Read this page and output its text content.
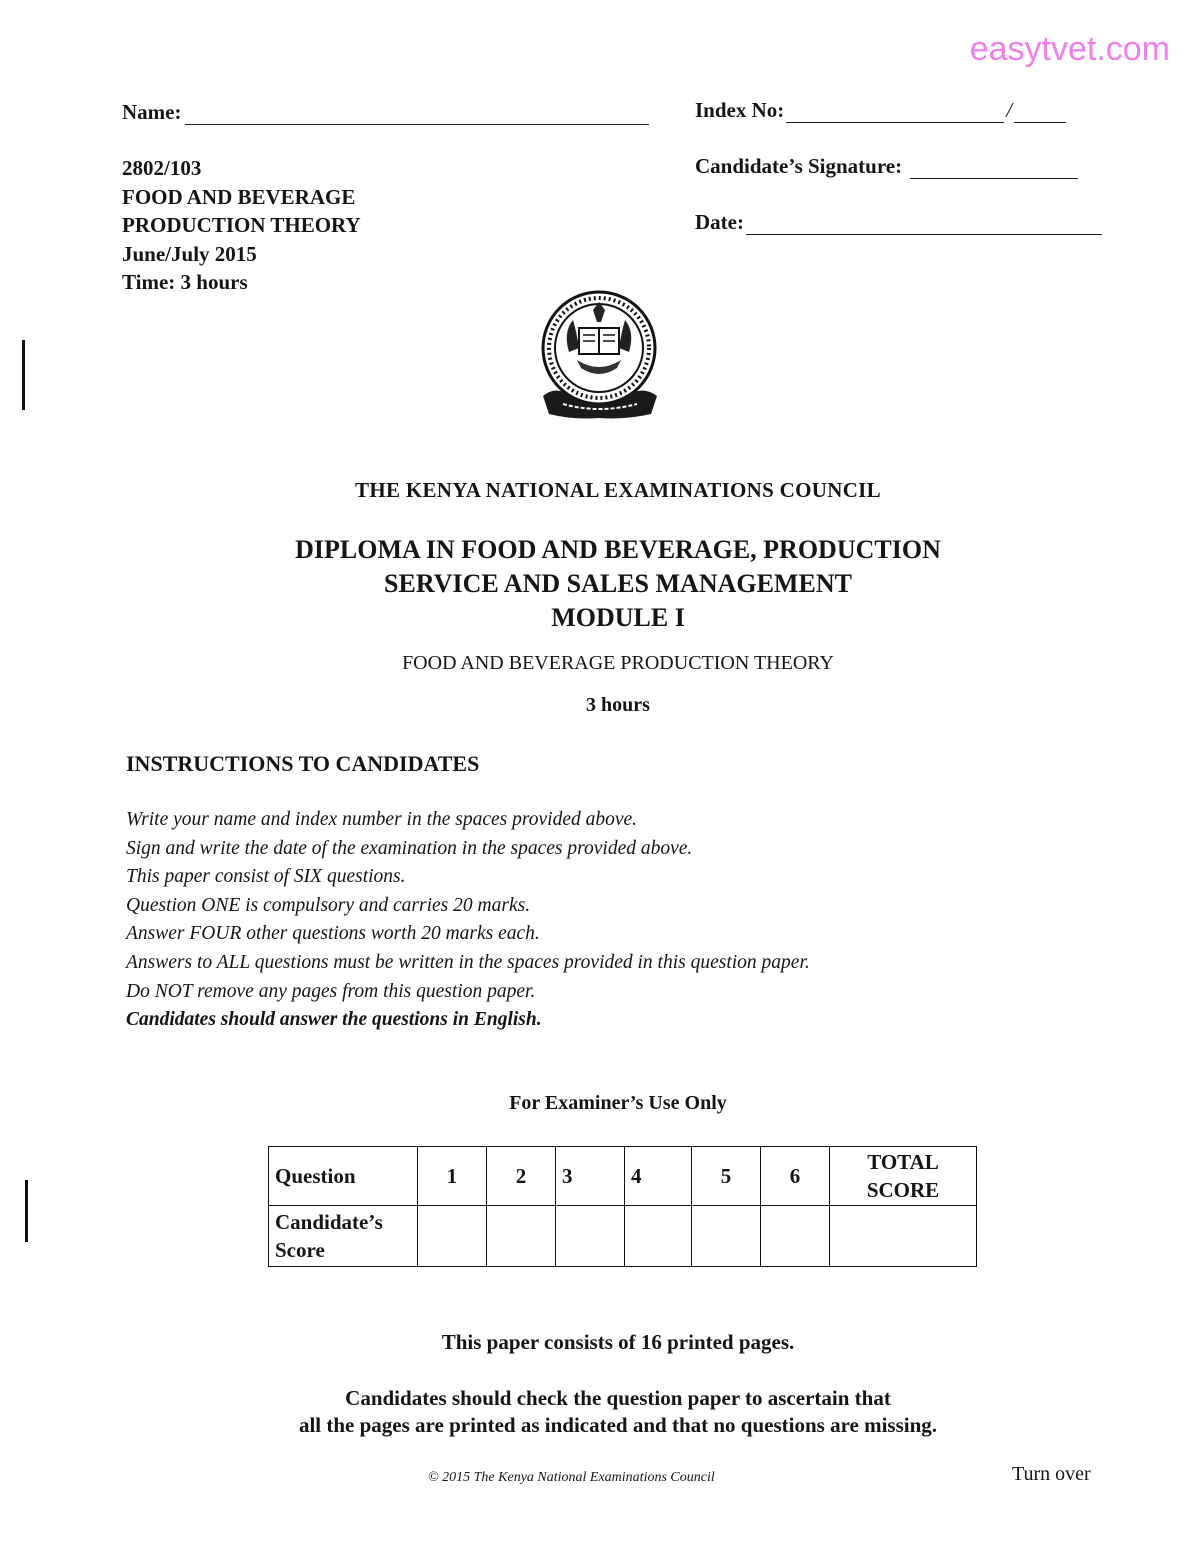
easytvet.com
Name:	Index No:	/
Candidate’s Signature:
Date:
2802/103
FOOD AND BEVERAGE
PRODUCTION THEORY
June/July 2015
Time: 3 hours
THE KENYA NATIONAL EXAMINATIONS COUNCIL
DIPLOMA IN FOOD AND BEVERAGE, PRODUCTION
SERVICE AND SALES MANAGEMENT
MODULE I
FOOD AND BEVERAGE PRODUCTION THEORY
3 hours
INSTRUCTIONS TO CANDIDATES
Write your name and index number in the spaces provided above.
Sign and write the date of the examination in the spaces provided above.
This paper consist of SIX questions.
Question ONE is compulsory and carries 20 marks.
Answer FOUR other questions worth 20 marks each.
Answers to ALL questions must be written in the spaces provided in this question paper.
Do NOT remove any pages from this question paper.
Candidates should answer the questions in English.
For Examiner’s Use Only
Question	1	2	3	4	5	6	TOTAL
SCORE

Candidate’s
Score							

This paper consists of 16 printed pages.
Candidates should check the question paper to ascertain that
all the pages are printed as indicated and that no questions are missing.
© 2015 The Kenya National Examinations Council	Turn over
